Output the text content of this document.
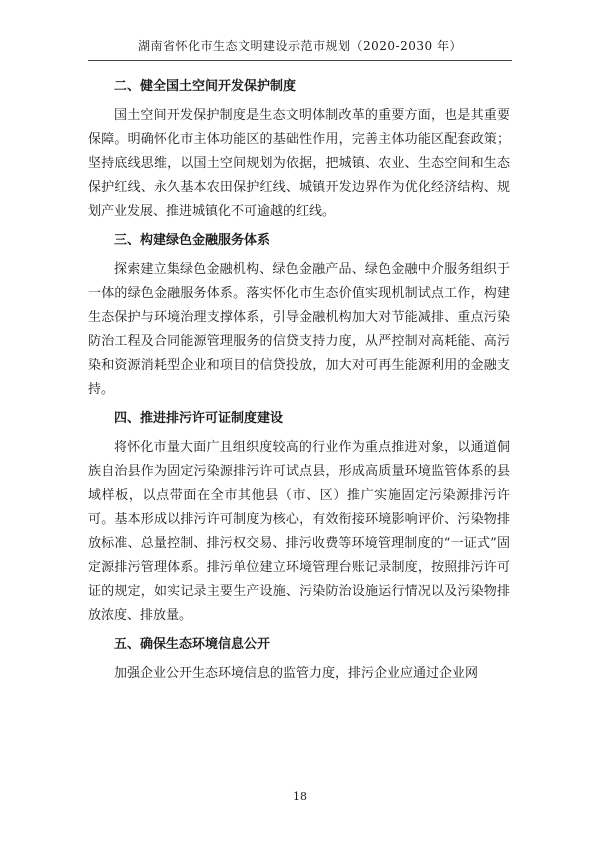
湖南省怀化市生态文明建设示范市规划（2020-2030 年）
二、健全国土空间开发保护制度

国土空间开发保护制度是生态文明体制改革的重要方面，也是其重要保障。明确怀化市主体功能区的基础性作用，完善主体功能区配套政策；坚持底线思维，以国土空间规划为依据，把城镇、农业、生态空间和生态保护红线、永久基本农田保护红线、城镇开发边界作为优化经济结构、规划产业发展、推进城镇化不可逾越的红线。

三、构建绿色金融服务体系

探索建立集绿色金融机构、绿色金融产品、绿色金融中介服务组织于一体的绿色金融服务体系。落实怀化市生态价值实现机制试点工作，构建生态保护与环境治理支撑体系，引导金融机构加大对节能减排、重点污染防治工程及合同能源管理服务的信贷支持力度，从严控制对高耗能、高污染和资源消耗型企业和项目的信贷投放，加大对可再生能源利用的金融支持。

四、推进排污许可证制度建设

将怀化市量大面广且组织度较高的行业作为重点推进对象，以通道侗族自治县作为固定污染源排污许可试点县，形成高质量环境监管体系的县域样板，以点带面在全市其他县（市、区）推广实施固定污染源排污许可。基本形成以排污许可制度为核心，有效衔接环境影响评价、污染物排放标准、总量控制、排污权交易、排污收费等环境管理制度的“一证式”固定源排污管理体系。排污单位建立环境管理台账记录制度，按照排污许可证的规定，如实记录主要生产设施、污染防治设施运行情况以及污染物排放浓度、排放量。

五、确保生态环境信息公开

加强企业公开生态环境信息的监管力度，排污企业应通过企业网

18
